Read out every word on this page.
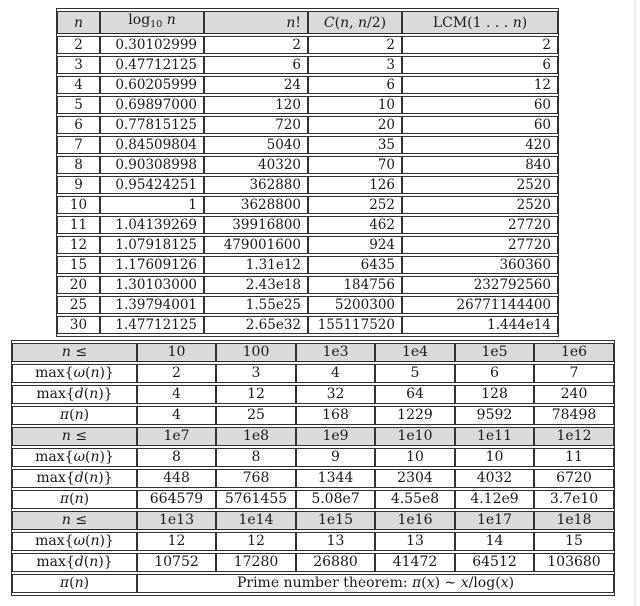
n	$\log_{10} n$	n!	C(n, n/2)	LCM(1 . . . n)
2	0.30102999	2	2	2
3	0.47712125	6	3	6
4	0.60205999	24	6	12
5	0.69897000	120	10	60
6	0.77815125	720	20	60
7	0.84509804	5040	35	420
8	0.90308998	40320	70	840
9	0.95424251	362880	126	2520
10	1	3628800	252	2520
11	1.04139269	39916800	462	27720
12	1.07918125	479001600	924	27720
15	1.17609126	1.31e12	6435	360360
20	1.30103000	2.43e18	184756	232792560
25	1.39794001	1.55e25	5200300	26771144400
30	1.47712125	2.65e32	155117520	1.444e14
n ≤	10	100	1e3	1e4	1e5	1e6
max{ω(n)}	2	3	4	5	6	7
max{d(n)}	4	12	32	64	128	240
π(n)	4	25	168	1229	9592	78498
n ≤	1e7	1e8	1e9	1e10	1e11	1e12
max{ω(n)}	8	8	9	10	10	11
max{d(n)}	448	768	1344	2304	4032	6720
π(n)	664579	5761455	5.08e7	4.55e8	4.12e9	3.7e10
n ≤	1e13	1e14	1e15	1e16	1e17	1e18
max{ω(n)}	12	12	13	13	14	15
max{d(n)}	10752	17280	26880	41472	64512	103680
π(n)	Prime number theorem: π(x) ∼ x/log(x)					
